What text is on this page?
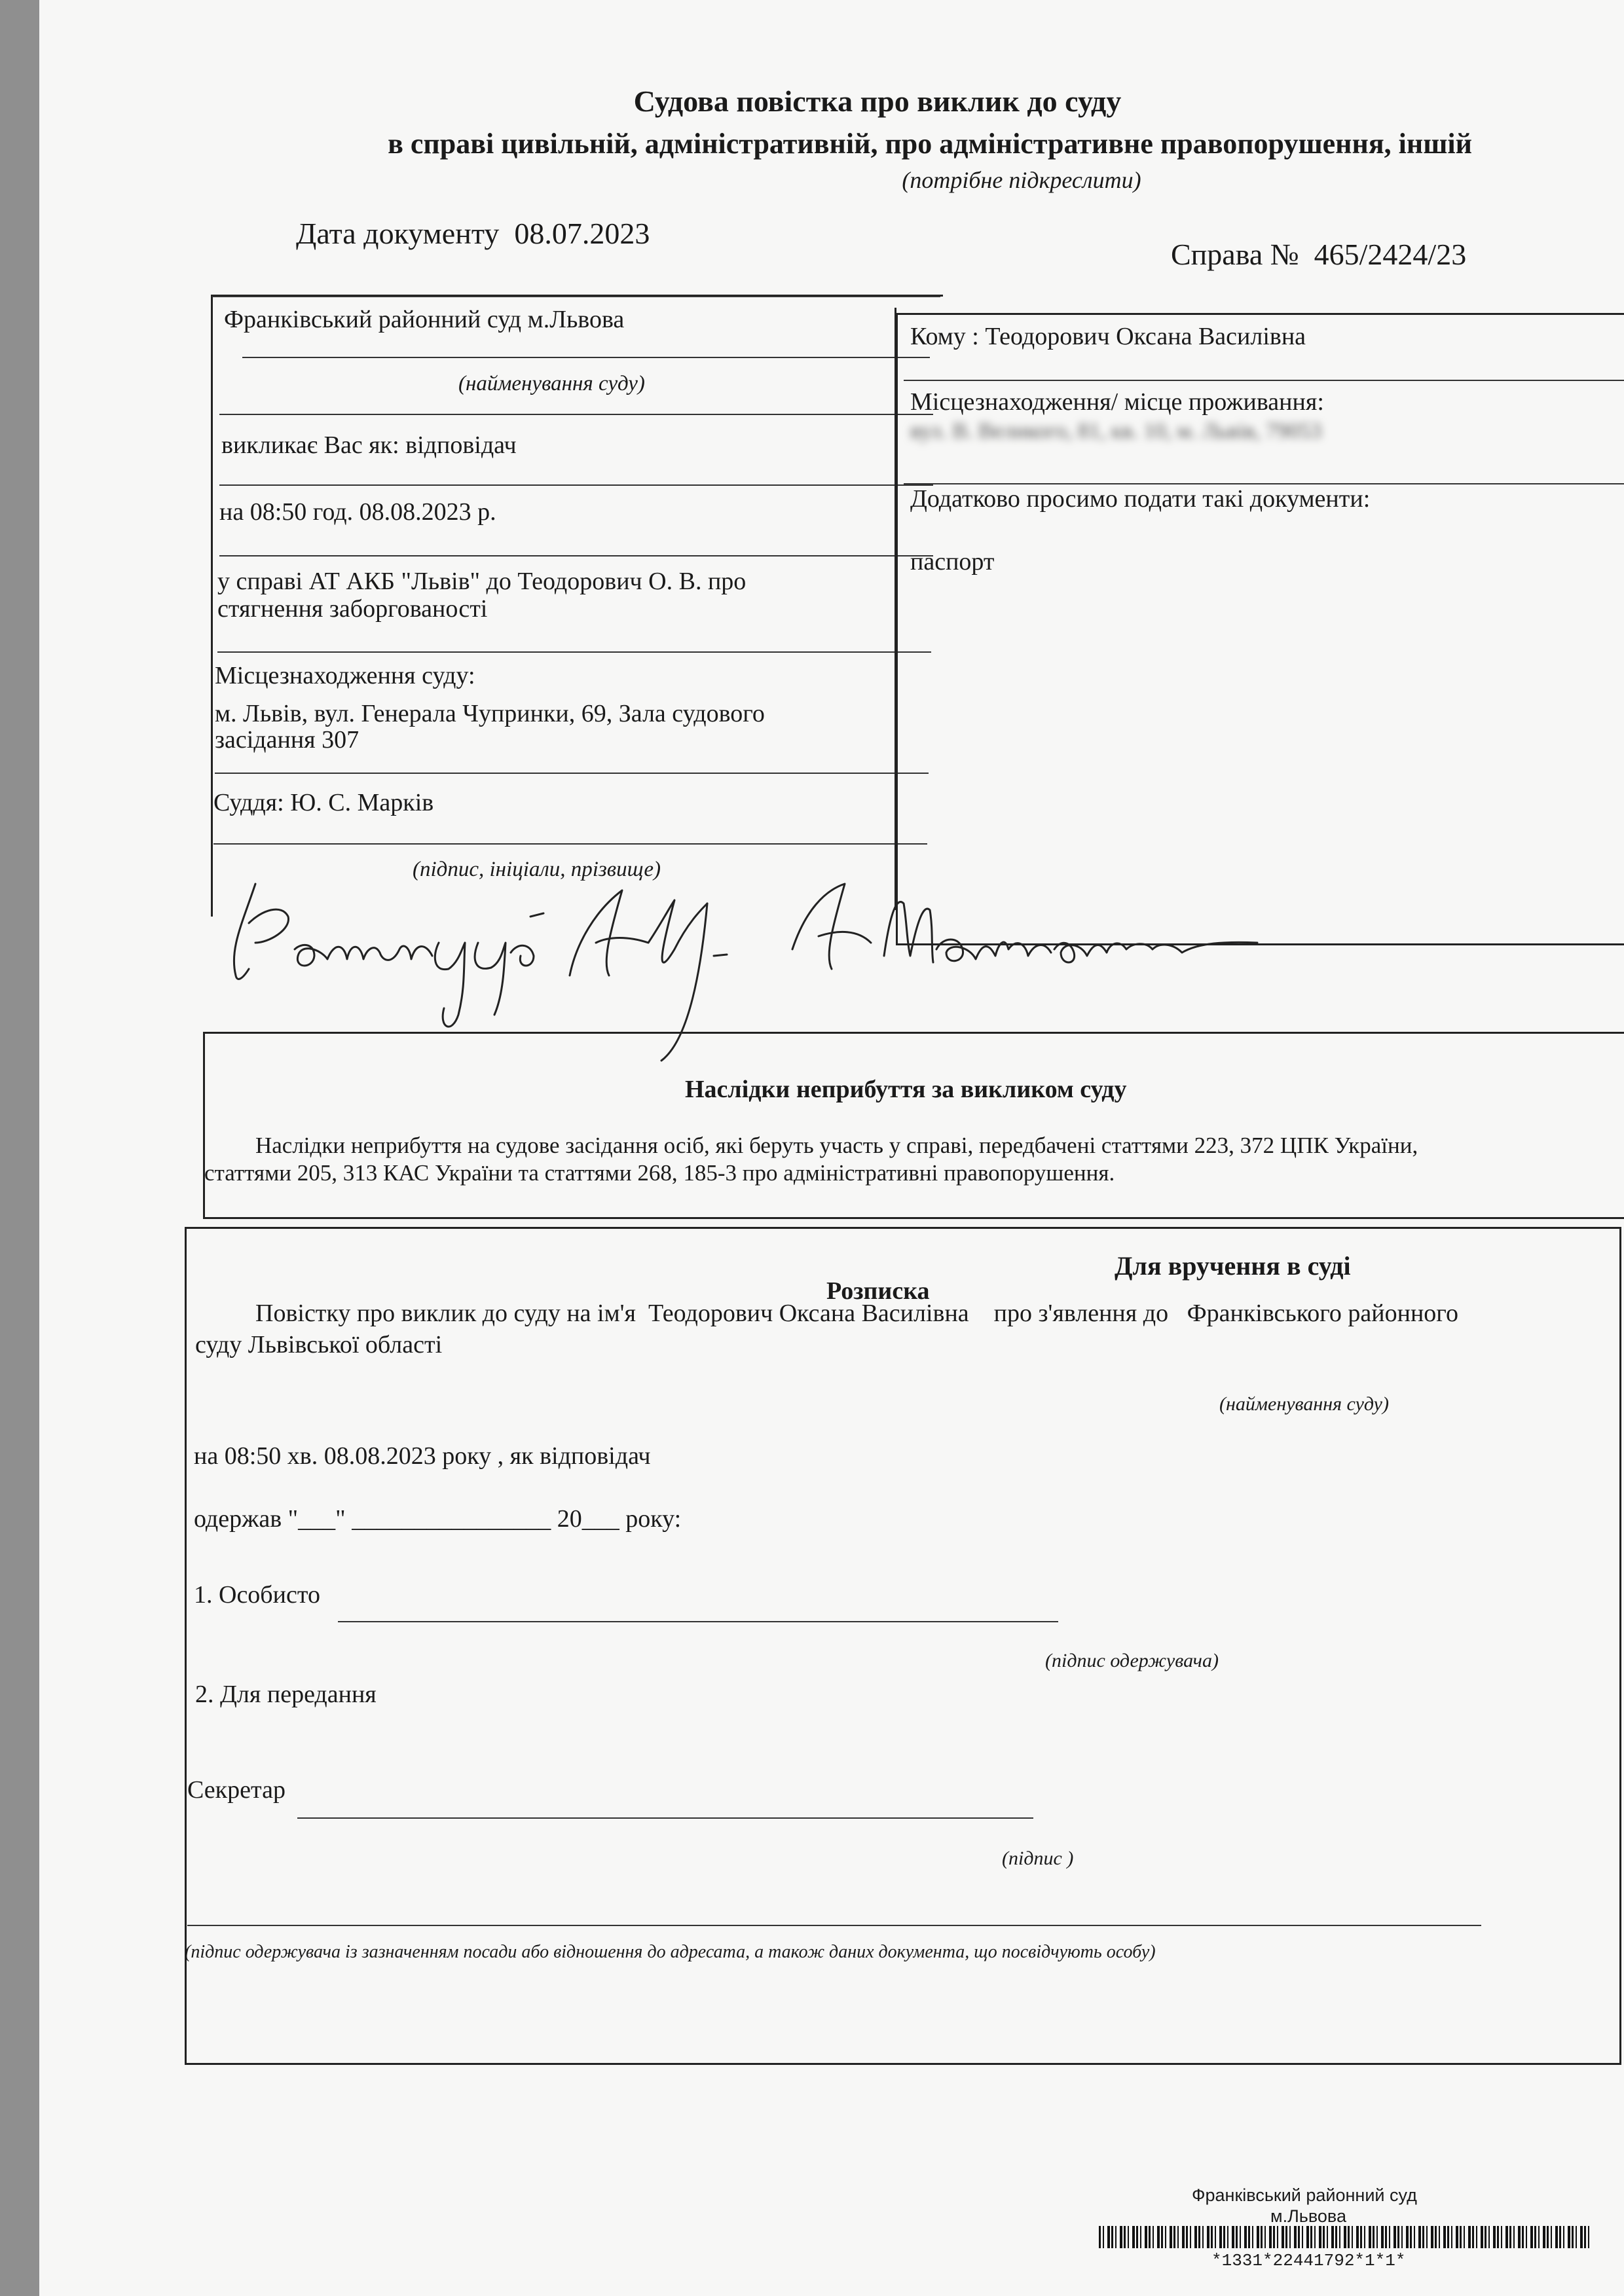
Судова повістка про виклик до суду
в справі цивільній, адміністративній, про адміністративне правопорушення, іншій
(потрібне підкреслити)
Дата документу 08.07.2023
Справа № 465/2424/23
Франківський районний суд м.Львова
(найменування суду)
викликає Вас як: відповідач
на 08:50 год. 08.08.2023 р.
у справі АТ АКБ "Львів" до Теодорович О. В. про
стягнення заборгованості
Місцезнаходження суду:
м. Львів, вул. Генерала Чупринки, 69, Зала судового
засідання 307
Суддя: Ю. С. Марків
(підпис, ініціали, прізвище)
Кому : Теодорович Оксана Василівна
Місцезнаходження/ місце проживання:
вул. В. Великого, 81, кв. 10, м. Львів, 79053
Додатково просимо подати такі документи:
паспорт
Наслідки неприбуття за викликом суду
Наслідки неприбуття на судове засідання осіб, які беруть участь у справі, передбачені статтями 223, 372 ЦПК України,
статтями 205, 313 КАС України та статтями 268, 185-3 про адміністративні правопорушення.
Для вручення в суді
Розписка
Повістку про виклик до суду на ім'я Теодорович Оксана Василівна про з'явлення до Франківського районного
суду Львівської області
(найменування суду)
на 08:50 хв. 08.08.2023 року , як відповідач
одержав "___" ________________ 20___ року:
1. Особисто
(підпис одержувача)
2. Для передання
Секретар
(підпис )
(підпис одержувача із зазначенням посади або відношення до адресата, а також даних документа, що посвідчують особу)
Франківський районний суд
м.Львова
*1331*22441792*1*1*
